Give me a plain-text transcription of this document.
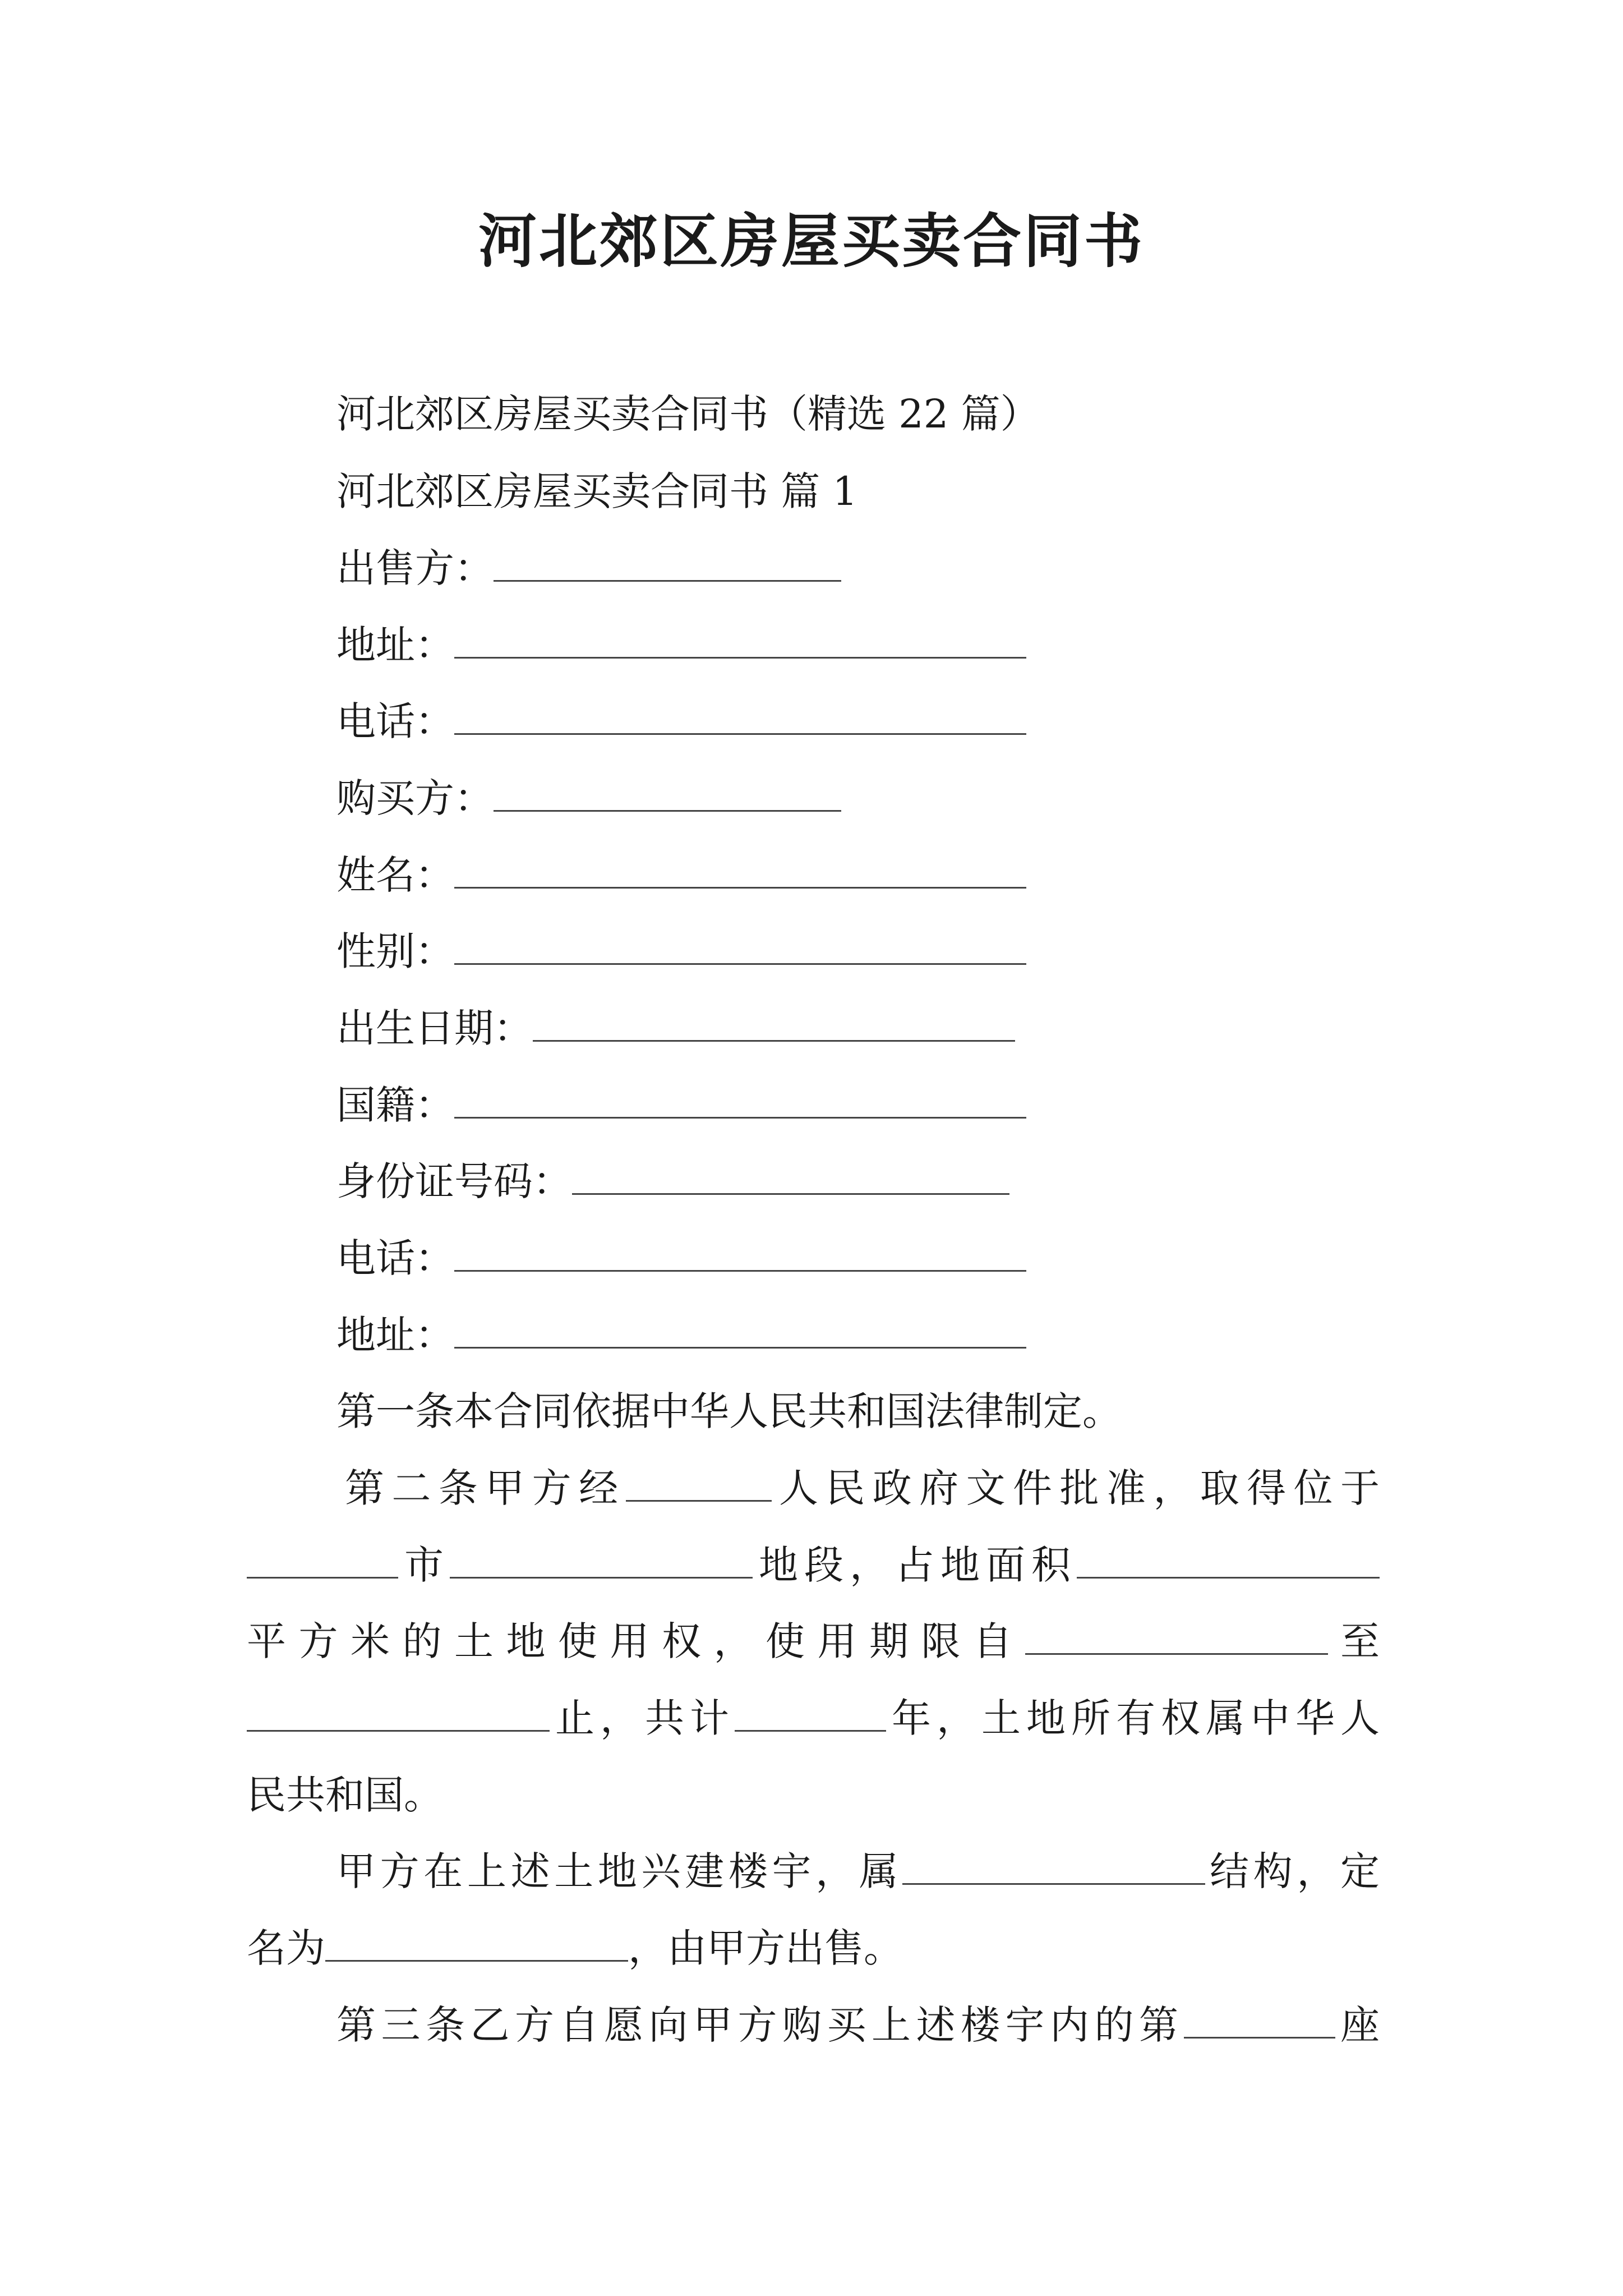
河北郊区房屋买卖合同书
河北郊区房屋买卖合同书（精选 22 篇）
河北郊区房屋买卖合同书 篇 1
出售方：
地址：
电话：
购买方：
姓名：
性别：
出生日期：
国籍：
身份证号码：
电话：
地址：
第一条本合同依据中华人民共和国法律制定。
第二条甲方经	人民政府文件批准，取得位于
市	地段，占地面积
平方米的土地使用权，使用期限自	至
止，共计	年，土地所有权属中华人
民共和国。
甲方在上述土地兴建楼宇，属	结构，定
名为	，由甲方出售。
第三条乙方自愿向甲方购买上述楼宇内的第	座
